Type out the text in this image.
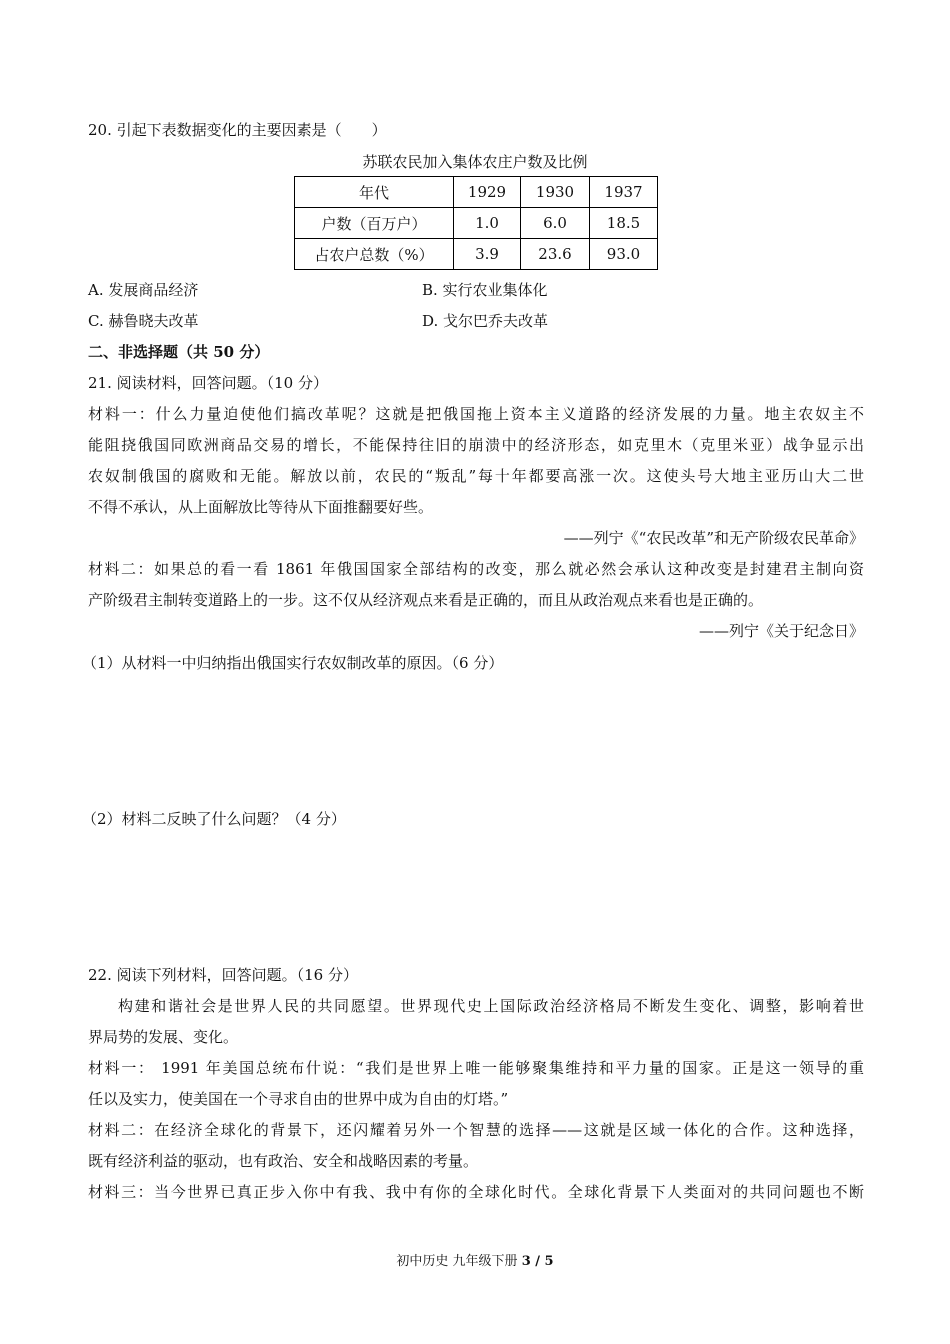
20. 引起下表数据变化的主要因素是（　　）
苏联农民加入集体农庄户数及比例
年代	1929	1930	1937
户数（百万户）	1.0	6.0	18.5
占农户总数（%）	3.9	23.6	93.0
A. 发展商品经济	B. 实行农业集体化
C. 赫鲁晓夫改革	D. 戈尔巴乔夫改革
二、非选择题（共 50 分）
21. 阅读材料，回答问题。（10 分）
材料一：什么力量迫使他们搞改革呢？这就是把俄国拖上资本主义道路的经济发展的力量。地主农奴主不
能阻挠俄国同欧洲商品交易的增长，不能保持往旧的崩溃中的经济形态，如克里木（克里米亚）战争显示出
农奴制俄国的腐败和无能。解放以前，农民的“叛乱”每十年都要高涨一次。这使头号大地主亚历山大二世
不得不承认，从上面解放比等待从下面推翻要好些。
——列宁《“农民改革”和无产阶级农民革命》
材料二：如果总的看一看 1861 年俄国国家全部结构的改变，那么就必然会承认这种改变是封建君主制向资
产阶级君主制转变道路上的一步。这不仅从经济观点来看是正确的，而且从政治观点来看也是正确的。
——列宁《关于纪念日》
（1）从材料一中归纳指出俄国实行农奴制改革的原因。（6 分）
（2）材料二反映了什么问题？（4 分）
22. 阅读下列材料，回答问题。（16 分）
构建和谐社会是世界人民的共同愿望。世界现代史上国际政治经济格局不断发生变化、调整，影响着世
界局势的发展、变化。
材料一： 1991 年美国总统布什说：“我们是世界上唯一能够聚集维持和平力量的国家。正是这一领导的重
任以及实力，使美国在一个寻求自由的世界中成为自由的灯塔。”
材料二：在经济全球化的背景下，还闪耀着另外一个智慧的选择——这就是区域一体化的合作。这种选择，
既有经济利益的驱动，也有政治、安全和战略因素的考量。
材料三：当今世界已真正步入你中有我、我中有你的全球化时代。全球化背景下人类面对的共同问题也不断
初中历史 九年级下册 3 / 5
